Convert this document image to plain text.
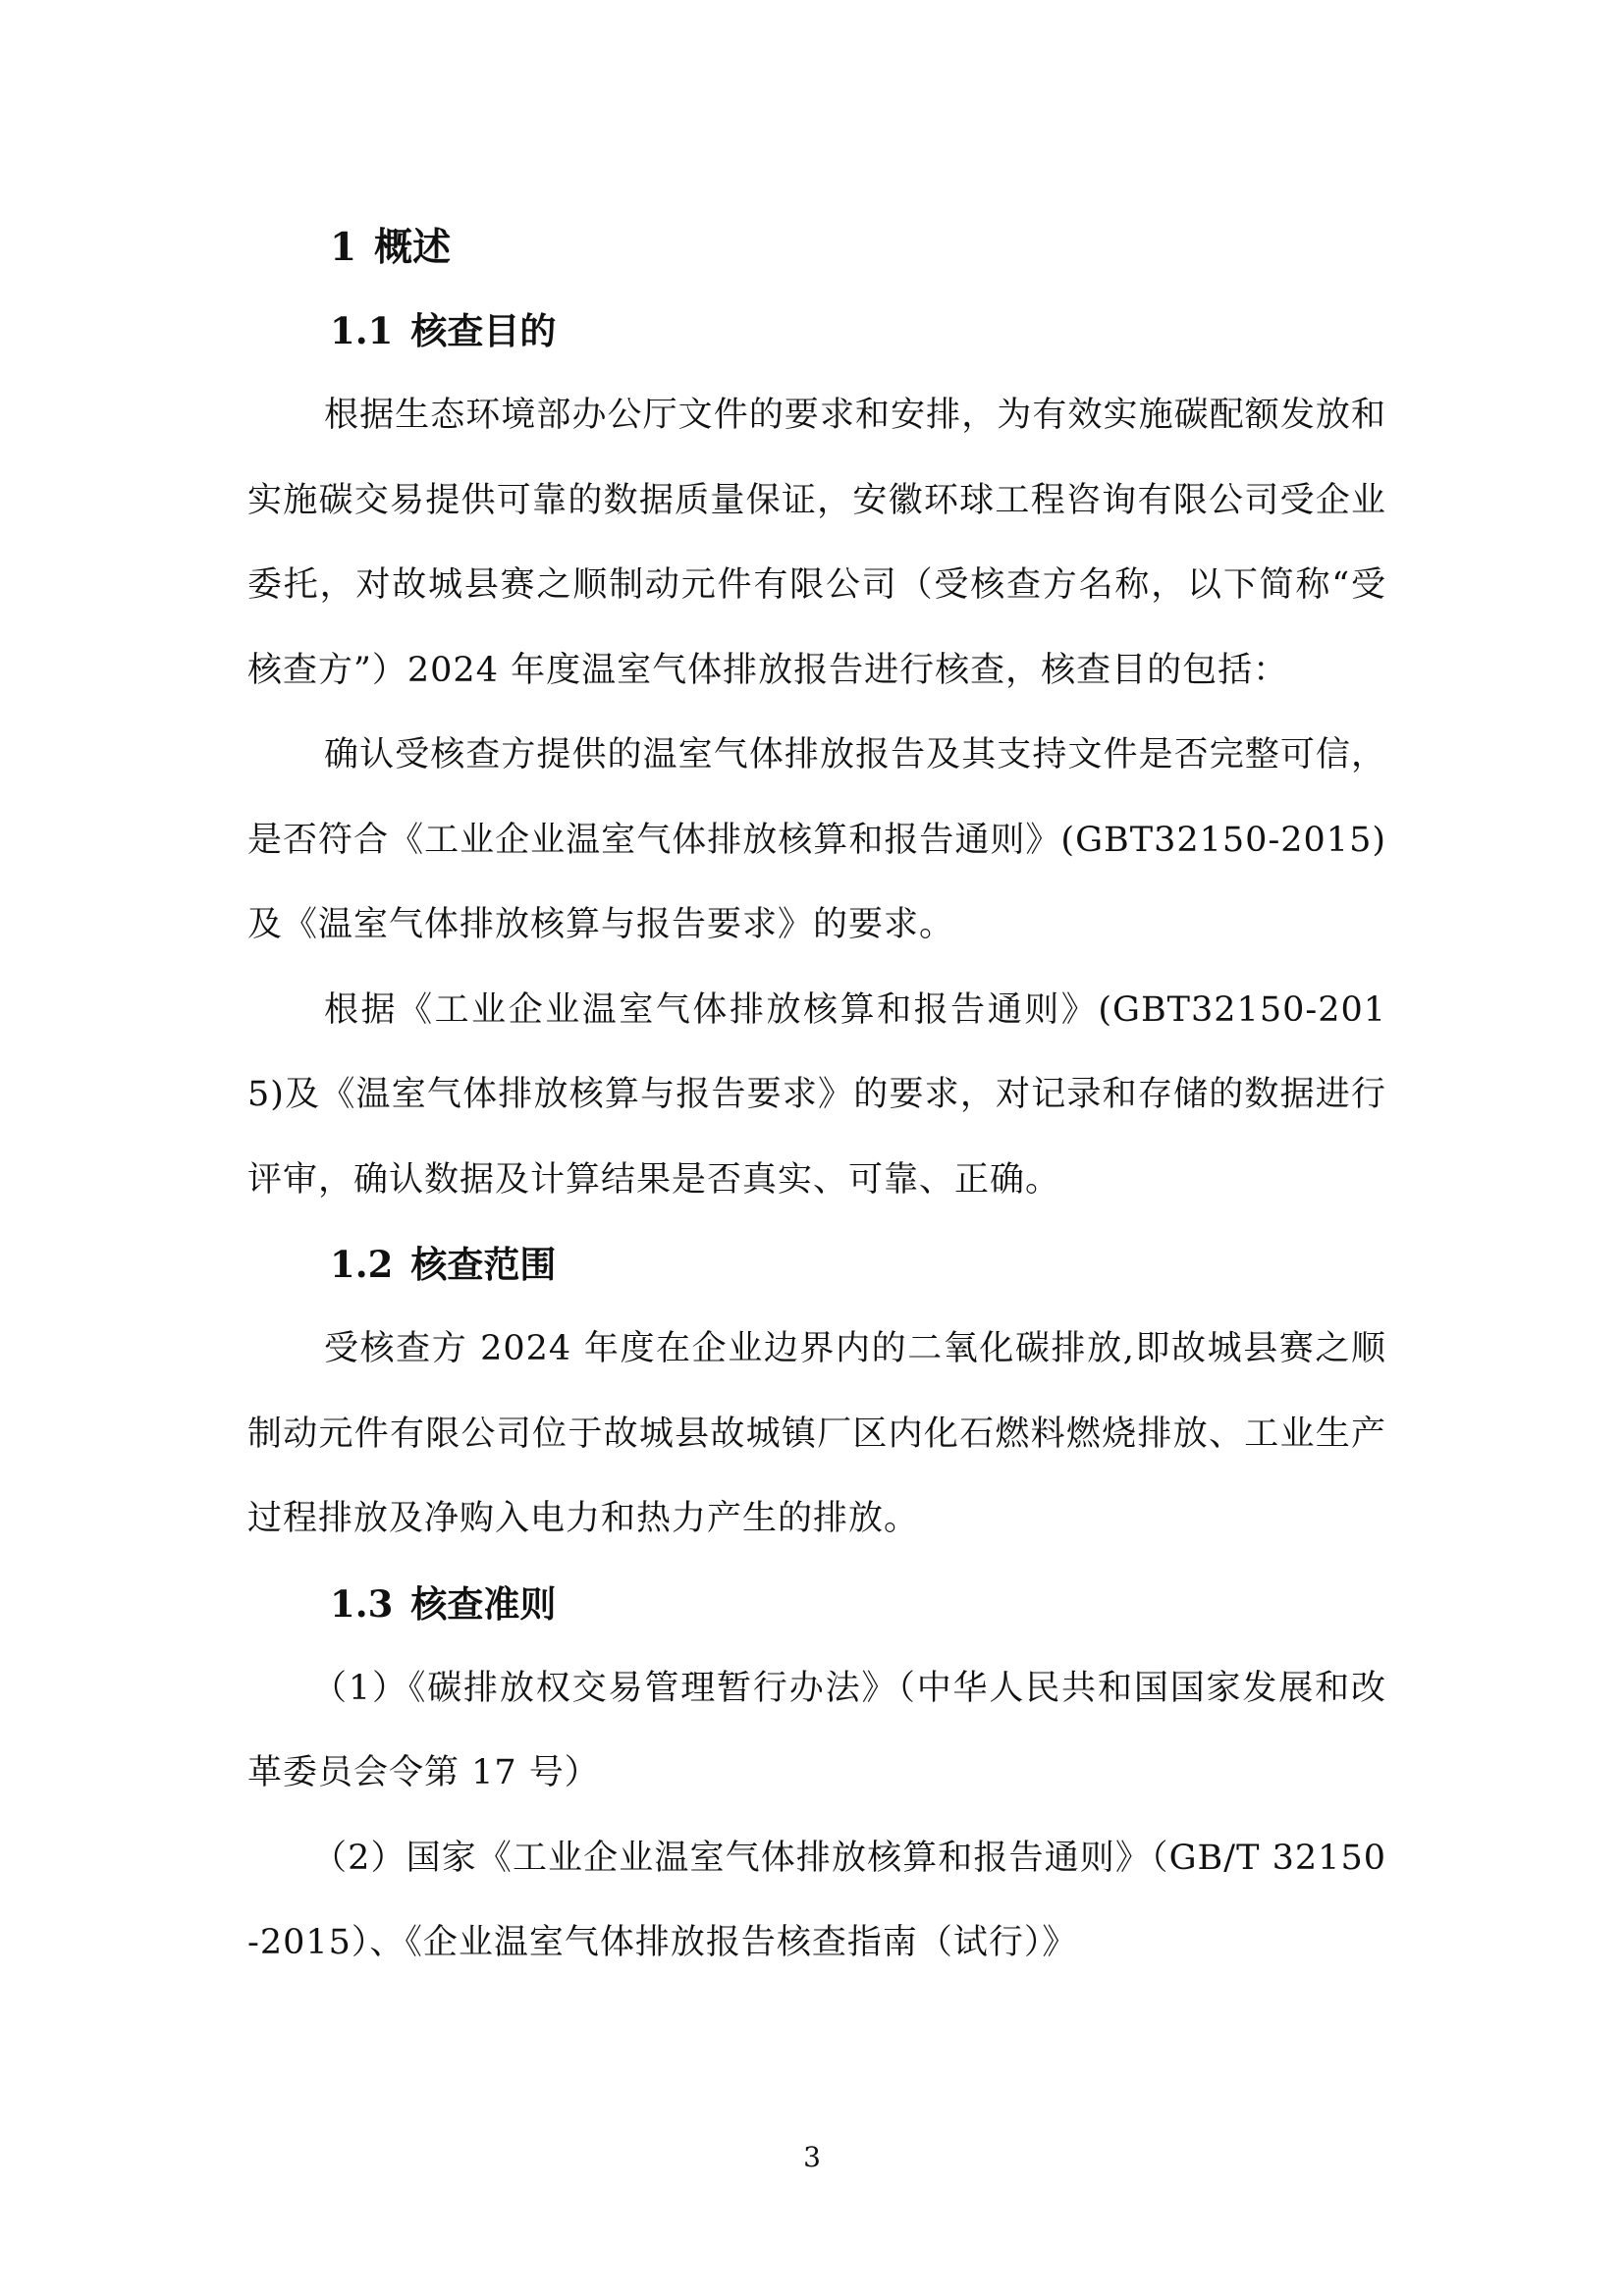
1 概述
1.1 核查目的

根据生态环境部办公厅文件的要求和安排，为有效实施碳配额发放和实施碳交易提供可靠的数据质量保证，安徽环球工程咨询有限公司受企业委托，对故城县赛之顺制动元件有限公司（受核查方名称，以下简称“受核查方”）2024 年度温室气体排放报告进行核查，核查目的包括：

确认受核查方提供的温室气体排放报告及其支持文件是否完整可信，是否符合《工业企业温室气体排放核算和报告通则》(GBT32150-2015)及《温室气体排放核算与报告要求》的要求。

根据《工业企业温室气体排放核算和报告通则》(GBT32150-2015)及《温室气体排放核算与报告要求》的要求，对记录和存储的数据进行评审，确认数据及计算结果是否真实、可靠、正确。

1.2 核查范围

受核查方 2024 年度在企业边界内的二氧化碳排放,即故城县赛之顺制动元件有限公司位于故城县故城镇厂区内化石燃料燃烧排放、工业生产过程排放及净购入电力和热力产生的排放。

1.3 核查准则

（1）《碳排放权交易管理暂行办法》（中华人民共和国国家发展和改革委员会令第 17 号）

（2）国家《工业企业温室气体排放核算和报告通则》（GB/T 32150-2015）、《企业温室气体排放报告核查指南（试行）》

3
